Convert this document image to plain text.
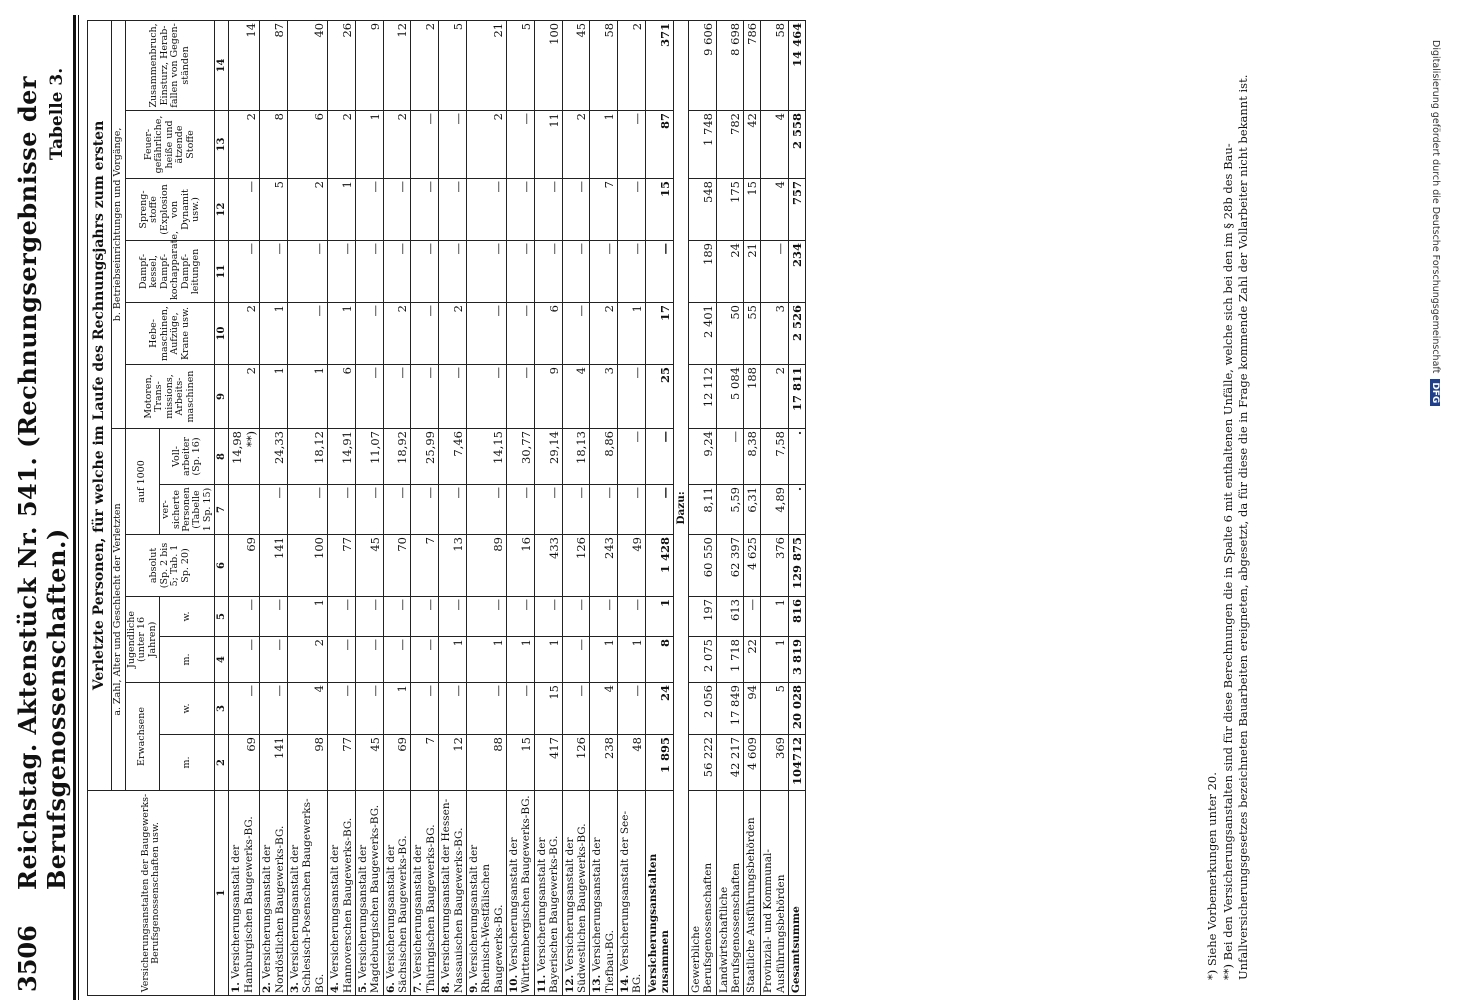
3506
Reichstag. Aktenstück Nr. 541. (Rechnungsergebnisse der Berufsgenossenschaften.)
Tabelle 3.
Versicherungsanstalten der Baugewerks-Berufsgenossenschaften usw.	Verletzte Personen, für welche im Laufe des Rechnungsjahrs zum ersten												
	a. Zahl, Alter und Geschlecht der Verletzten							b. Betriebseinrichtungen und Vorgänge,					
	Erwachsene		Jugendliche (unter 16 Jahren)		absolut (Sp. 2 bis 5; Tab. 1 Sp. 20)	auf 1000		Motoren, Transmissions, Arbeitsmaschinen	Hebemaschinen, Aufzüge, Krane usw.	Dampfkessel, Dampfkochapparate, Dampfleitungen	Sprengstoffe (Explosion von Dynamit usw.)	Feuergefährliche, heiße und ätzende Stoffe	Zusammenbruch, Einsturz, Herabfallen von Gegenständen
	m.	w.	m.	w.		versicherte Personen (Tabelle 1 Sp. 15)	Vollarbeiter (Sp. 16)						
1	2	3	4	5	6	7	8	9	10	11	12	13	14
1. Versicherungsanstalt der Hamburgischen Baugewerks-BG.	69	—	—	—	69		14,98 **)	2	2	—	—	2	14
2. Versicherungsanstalt der Nordöstlichen Baugewerks-BG.	141	—	—	—	141	—	24,33	1	1	—	5	8	87
3. Versicherungsanstalt der Schlesisch-Posenschen Baugewerks-BG.	98	4	2	1	100	—	18,12	1	—	—	2	6	40
4. Versicherungsanstalt der Hannoverschen Baugewerks-BG.	77	—	—	—	77	—	14,91	6	1	—	1	2	26
5. Versicherungsanstalt der Magdeburgischen Baugewerks-BG.	45	—	—	—	45	—	11,07	—	—	—	—	1	9
6. Versicherungsanstalt der Sächsischen Baugewerks-BG.	69	1	—	—	70	—	18,92	—	2	—	—	2	12
7. Versicherungsanstalt der Thüringischen Baugewerks-BG.	7	—	—	—	7	—	25,99	—	—	—	—	—	2
8. Versicherungsanstalt der Hessen-Nassauischen Baugewerks-BG.	12	—	1	—	13	—	7,46	—	2	—	—	—	5
9. Versicherungsanstalt der Rheinisch-Westfälischen Baugewerks-BG.	88	—	1	—	89	—	14,15	—	—	—	—	2	21
10. Versicherungsanstalt der Württembergischen Baugewerks-BG.	15	—	1	—	16	—	30,77	—	—	—	—	—	5
11. Versicherungsanstalt der Bayerischen Baugewerks-BG.	417	15	1	—	433	—	29,14	9	6	—	—	11	100
12. Versicherungsanstalt der Südwestlichen Baugewerks-BG.	126	—	—	—	126	—	18,13	4	—	—	—	2	45
13. Versicherungsanstalt der Tiefbau-BG.	238	4	1	—	243	—	8,86	3	2	—	7	1	58
14. Versicherungsanstalt der See-BG.	48	—	1	—	49	—	—	—	1	—	—	—	2
Versicherungsanstalten zusammen	1 895	24	8	1	1 428	—	—	25	17	—	15	87	371
Dazu:													
Gewerbliche Berufsgenossenschaften	56 222	2 056	2 075	197	60 550	8,11	9,24	12 112	2 401	189	548	1 748	9 606
Landwirtschaftliche Berufsgenossenschaften	42 217	17 849	1 718	613	62 397	5,59	—	5 084	50	24	175	782	8 698
Staatliche Ausführungsbehörden	4 609	94	22	—	4 625	6,31	8,38	188	55	21	15	42	786
Provinzial- und Kommunal-Ausführungsbehörden	369	5	1	1	376	4,89	7,58	2	3	—	4	4	58
Gesamtsumme	104712	20 028	3 819	816	129 875	.	.	17 811	2 526	234	757	2 558	14 464
*) Siehe Vorbemerkungen unter 20. **) Bei den Versicherungsanstalten sind für diese Berechnungen die in Spalte 6 mit enthaltenen Unfälle, welche sich bei den im § 28b des Bau-Unfallversicherungsgesetzes bezeichneten Bauarbeiten ereigneten, abgesetzt, da für diese die in Frage kommende Zahl der Vollarbeiter nicht bekannt ist.	Digitalisierung gefördert durch die Deutsche ForschungsgemeinschaftDFG
